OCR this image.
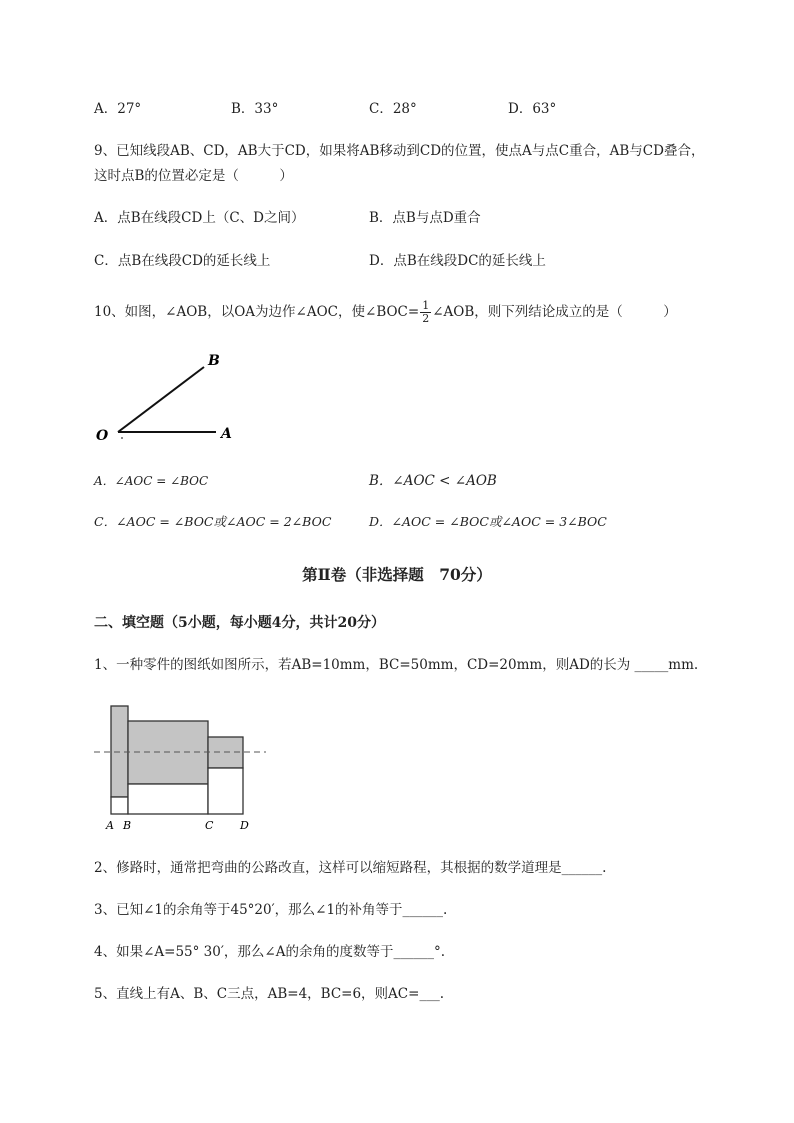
A．27°	B．33°	C．28°	D．63°
9、已知线段AB、CD，AB大于CD，如果将AB移动到CD的位置，使点A与点C重合，AB与CD叠合，
这时点B的位置必定是（　　　）
A．点B在线段CD上（C、D之间）	B．点B与点D重合
C．点B在线段CD的延长线上	D．点B在线段DC的延长线上
10、如图，∠AOB，以OA为边作∠AOC，使∠BOC= $\frac{1}{2}$ ∠AOB，则下列结论成立的是（　　　）
B
O	A
A．∠AOC = ∠BOC	B．∠AOC < ∠AOB
C．∠AOC = ∠BOC或∠AOC = 2∠BOC	D．∠AOC = ∠BOC或∠AOC = 3∠BOC
第Ⅱ卷（非选择题　70分）
二、填空题（5小题，每小题4分，共计20分）
1、一种零件的图纸如图所示，若AB=10mm，BC=50mm，CD=20mm，则AD的长为 _____mm.
A B	C D
2、修路时，通常把弯曲的公路改直，这样可以缩短路程，其根据的数学道理是______.
3、已知∠1的余角等于45°20′，那么∠1的补角等于______.
4、如果∠A=55° 30′，那么∠A的余角的度数等于______°.
5、直线上有A、B、C三点，AB=4，BC=6，则AC=___.
